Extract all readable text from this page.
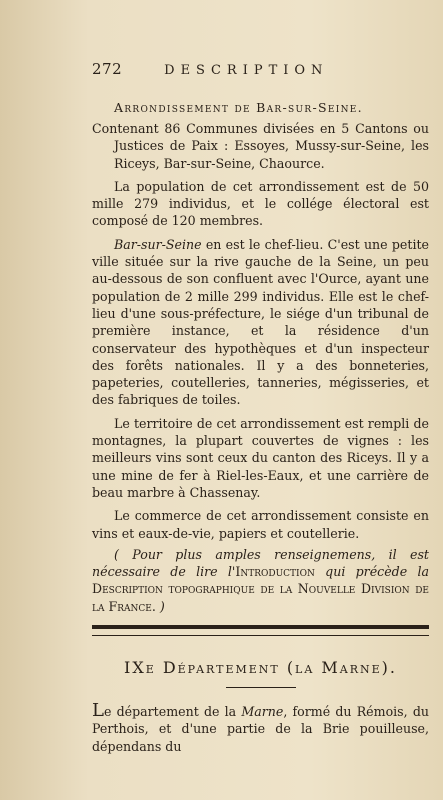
272	DESCRIPTION
Arrondissement de Bar-sur-Seine.

Contenant 86 Communes divisées en 5 Cantons ou Justices de Paix : Essoyes, Mussy-sur-Seine, les Riceys, Bar-sur-Seine, Chaource.

La population de cet arrondissement est de 50 mille 279 individus, et le collége électoral est composé de 120 membres.

Bar-sur-Seine en est le chef-lieu. C'est une petite ville située sur la rive gauche de la Seine, un peu au-dessous de son confluent avec l'Ource, ayant une population de 2 mille 299 individus. Elle est le chef-lieu d'une sous-préfecture, le siége d'un tribunal de première instance, et la résidence d'un conservateur des hypothèques et d'un inspecteur des forêts nationales. Il y a des bonneteries, papeteries, coutelleries, tanneries, mégisseries, et des fabriques de toiles.

Le territoire de cet arrondissement est rempli de montagnes, la plupart couvertes de vignes : les meilleurs vins sont ceux du canton des Riceys. Il y a une mine de fer à Riel-les-Eaux, et une carrière de beau marbre à Chassenay.

Le commerce de cet arrondissement consiste en vins et eaux-de-vie, papiers et coutellerie.

( Pour plus amples renseignemens, il est nécessaire de lire l'Introduction qui précède la Description topographique de la Nouvelle Division de la France. )

IXe Département (la Marne).

Le département de la Marne, formé du Rémois, du Perthois, et d'une partie de la Brie pouilleuse, dépendans du
